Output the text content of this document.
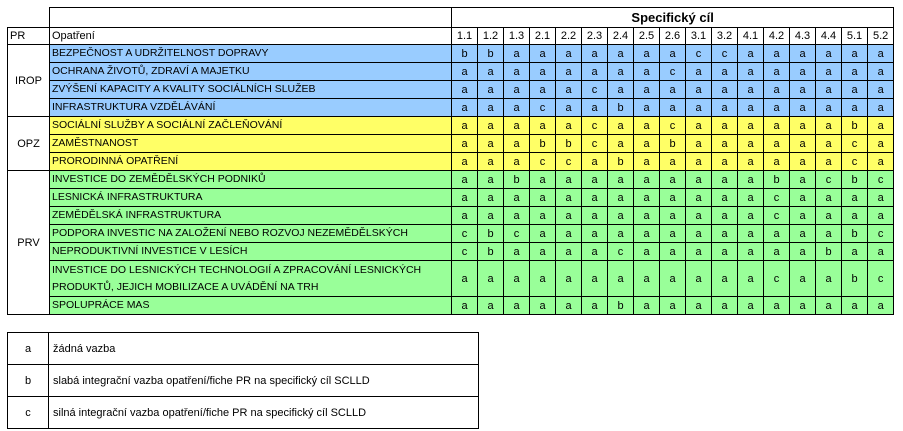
		Specifický cíl																
PR	Opatření	1.1	1.2	1.3	2.1	2.2	2.3	2.4	2.5	2.6	3.1	3.2	4.1	4.2	4.3	4.4	5.1	5.2
IROP	BEZPEČNOST A UDRŽITELNOST DOPRAVY	b	b	a	a	a	a	a	a	a	c	c	a	a	a	a	a	a
	OCHRANA ŽIVOTŮ, ZDRAVÍ A MAJETKU	a	a	a	a	a	a	a	a	c	a	a	a	a	a	a	a	a
	ZVÝŠENÍ KAPACITY A KVALITY SOCIÁLNÍCH SLUŽEB	a	a	a	a	a	c	a	a	a	a	a	a	a	a	a	a	a
	INFRASTRUKTURA VZDĚLÁVÁNÍ	a	a	a	c	a	a	b	a	a	a	a	a	a	a	a	a	a
OPZ	SOCIÁLNÍ SLUŽBY A SOCIÁLNÍ ZAČLEŇOVÁNÍ	a	a	a	a	a	c	a	a	c	a	a	a	a	a	a	b	a
	ZAMĚSTNANOST	a	a	a	b	b	c	a	a	b	a	a	a	a	a	a	c	a
	PRORODINNÁ OPATŘENÍ	a	a	a	c	c	a	b	a	a	a	a	a	a	a	a	c	a
PRV	INVESTICE DO ZEMĚDĚLSKÝCH PODNIKŮ	a	a	b	a	a	a	a	a	a	a	a	a	b	a	c	b	c
	LESNICKÁ INFRASTRUKTURA	a	a	a	a	a	a	a	a	a	a	a	a	c	a	a	a	a
	ZEMĚDĚLSKÁ INFRASTRUKTURA	a	a	a	a	a	a	a	a	a	a	a	a	c	a	a	a	a
	PODPORA INVESTIC NA ZALOŽENÍ NEBO ROZVOJ NEZEMĚDĚLSKÝCH	c	b	c	a	a	a	a	a	a	a	a	a	a	a	a	b	c
	NEPRODUKTIVNÍ INVESTICE V LESÍCH	c	b	a	a	a	a	c	a	a	a	a	a	a	a	b	a	a
	INVESTICE DO LESNICKÝCH TECHNOLOGIÍ A ZPRACOVÁNÍ LESNICKÝCH PRODUKTŮ, JEJICH MOBILIZACE A UVÁDĚNÍ NA TRH	a	a	a	a	a	a	a	a	a	a	a	a	c	a	a	b	c
	SPOLUPRÁCE MAS	a	a	a	a	a	a	b	a	a	a	a	a	a	a	a	a	a
a	žádná vazba
b	slabá integrační vazba opatření/fiche PR na specifický cíl SCLLD
c	silná integrační vazba opatření/fiche PR na specifický cíl SCLLD
